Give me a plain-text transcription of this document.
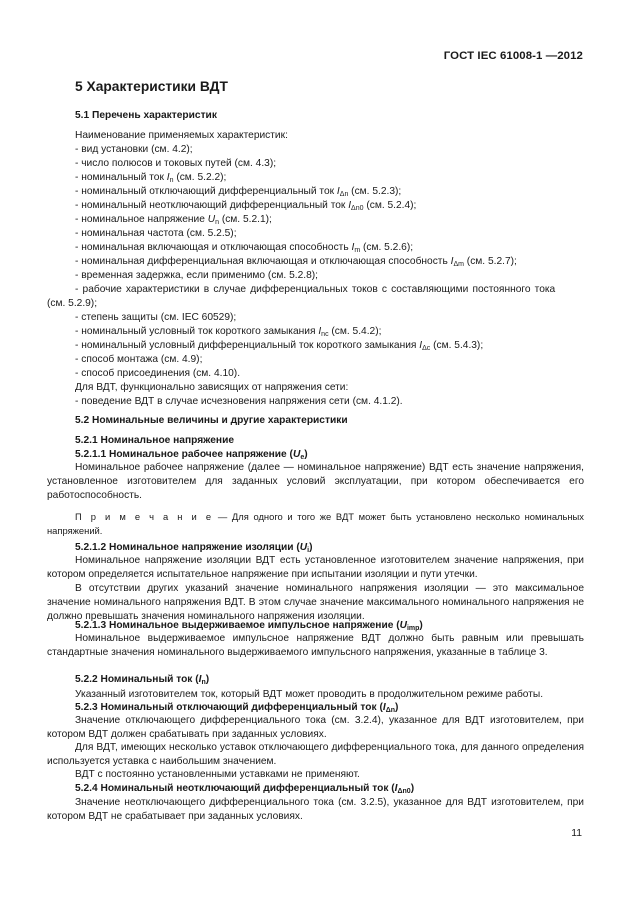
ГОСТ IEC 61008-1 —2012
5 Характеристики ВДТ
5.1 Перечень характеристик
Наименование применяемых характеристик:
- вид установки (см. 4.2);
- число полюсов и токовых путей (см. 4.3);
- номинальный ток $I_n$ (см. 5.2.2);
- номинальный отключающий дифференциальный ток $I_{\Delta n}$ (см. 5.2.3);
- номинальный неотключающий дифференциальный ток $I_{\Delta n0}$ (см. 5.2.4);
- номинальное напряжение $U_n$ (см. 5.2.1);
- номинальная частота (см. 5.2.5);
- номинальная включающая и отключающая способность $I_m$ (см. 5.2.6);
- номинальная дифференциальная включающая и отключающая способность $I_{\Delta m}$ (см. 5.2.7);
- временная задержка, если применимо (см. 5.2.8);
- рабочие характеристики в случае дифференциальных токов с составляющими постоянного тока
(см. 5.2.9);
- степень защиты (см. IEC 60529);
- номинальный условный ток короткого замыкания $I_{nc}$ (см. 5.4.2);
- номинальный условный дифференциальный ток короткого замыкания $I_{\Delta c}$ (см. 5.4.3);
- способ монтажа (см. 4.9);
- способ присоединения (см. 4.10).
Для ВДТ, функционально зависящих от напряжения сети:
- поведение ВДТ в случае исчезновения напряжения сети (см. 4.1.2).
5.2 Номинальные величины и другие характеристики
5.2.1 Номинальное напряжение
5.2.1.1 Номинальное рабочее напряжение $(U_e)$
Номинальное рабочее напряжение (далее — номинальное напряжение) ВДТ есть значение напряжения, установленное изготовителем для заданных условий эксплуатации, при котором обеспечивается его работоспособность.
П р и м е ч а н и е — Для одного и того же ВДТ может быть установлено несколько номинальных напряжений.
5.2.1.2 Номинальное напряжение изоляции $(U_i)$
Номинальное напряжение изоляции ВДТ есть установленное изготовителем значение напряжения, при котором определяется испытательное напряжение при испытании изоляции и пути утечки.
В отсутствии других указаний значение номинального напряжения изоляции — это максимальное значение номинального напряжения ВДТ. В этом случае значение максимального номинального напряжения не должно превышать значения номинального напряжения изоляции.
5.2.1.3 Номинальное выдерживаемое импульсное напряжение $(U_{imp})$
Номинальное выдерживаемое импульсное напряжение ВДТ должно быть равным или превышать стандартные значения номинального выдерживаемого импульсного напряжения, указанные в таблице 3.
5.2.2 Номинальный ток $(I_n)$
Указанный изготовителем ток, который ВДТ может проводить в продолжительном режиме работы.
5.2.3 Номинальный отключающий дифференциальный ток $(I_{\Delta n})$
Значение отключающего дифференциального тока (см. 3.2.4), указанное для ВДТ изготовителем, при котором ВДТ должен срабатывать при заданных условиях.
Для ВДТ, имеющих несколько уставок отключающего дифференциального тока, для данного определения используется уставка с наибольшим значением.
ВДТ с постоянно установленными уставками не применяют.
5.2.4 Номинальный неотключающий дифференциальный ток $(I_{\Delta n0})$
Значение неотключающего дифференциального тока (см. 3.2.5), указанное для ВДТ изготовителем, при котором ВДТ не срабатывает при заданных условиях.
11
